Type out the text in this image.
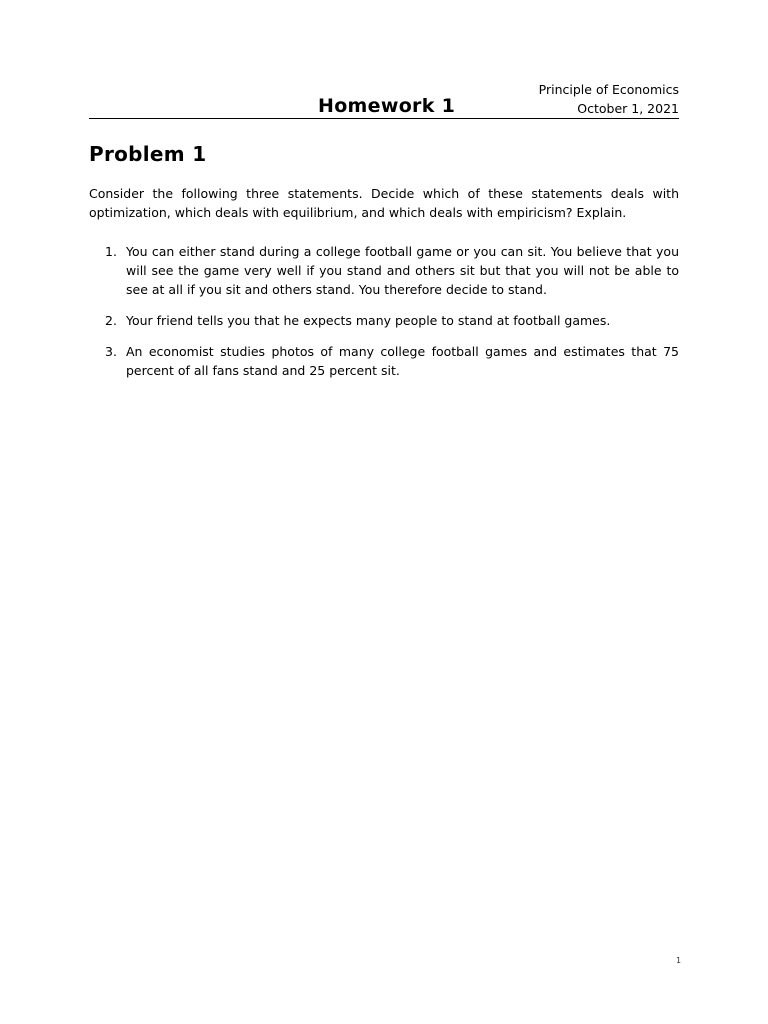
Principle of Economics
Homework 1	October 1, 2021
Problem 1

Consider the following three statements. Decide which of these statements deals with optimization, which deals with equilibrium, and which deals with empiricism? Explain.

1. You can either stand during a college football game or you can sit. You believe that you will see the game very well if you stand and others sit but that you will not be able to see at all if you sit and others stand. You therefore decide to stand.
2. Your friend tells you that he expects many people to stand at football games.
3. An economist studies photos of many college football games and estimates that 75 percent of all fans stand and 25 percent sit.
1
